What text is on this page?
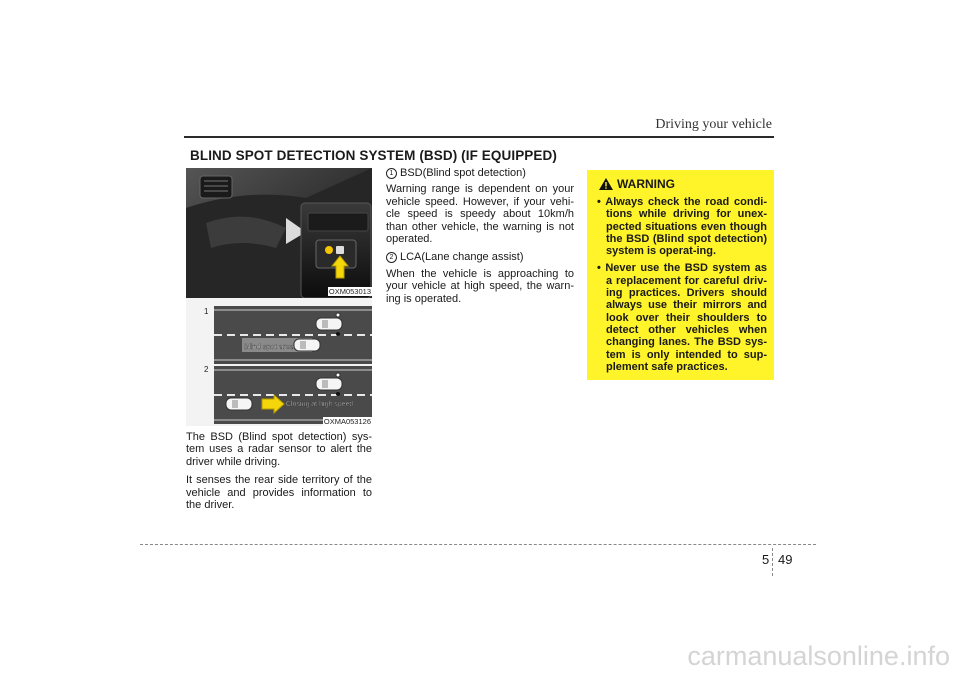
Driving your vehicle
BLIND SPOT DETECTION SYSTEM (BSD) (IF EQUIPPED)
OXM053013
Blind spot area
Closing at high speed
1
2
OXMA053126

The BSD (Blind spot detection) sys-tem uses a radar sensor to alert the driver while driving.

It senses the rear side territory of the vehicle and provides information to the driver.

1 BSD(Blind spot detection)

Warning range is dependent on your vehicle speed. However, if your vehi-cle speed is speedy about 10km/h than other vehicle, the warning is not operated.

2 LCA(Lane change assist)

When the vehicle is approaching to your vehicle at high speed, the warn-ing is operated.

WARNING
• Always check the road condi-tions while driving for unex-pected situations even though the BSD (Blind spot detection) system is operat-ing.
• Never use the BSD system as a replacement for careful driv-ing practices. Drivers should always use their mirrors and look over their shoulders to detect other vehicles when changing lanes. The BSD sys-tem is only intended to sup-plement safe practices.
5 49
carmanualsonline.info
